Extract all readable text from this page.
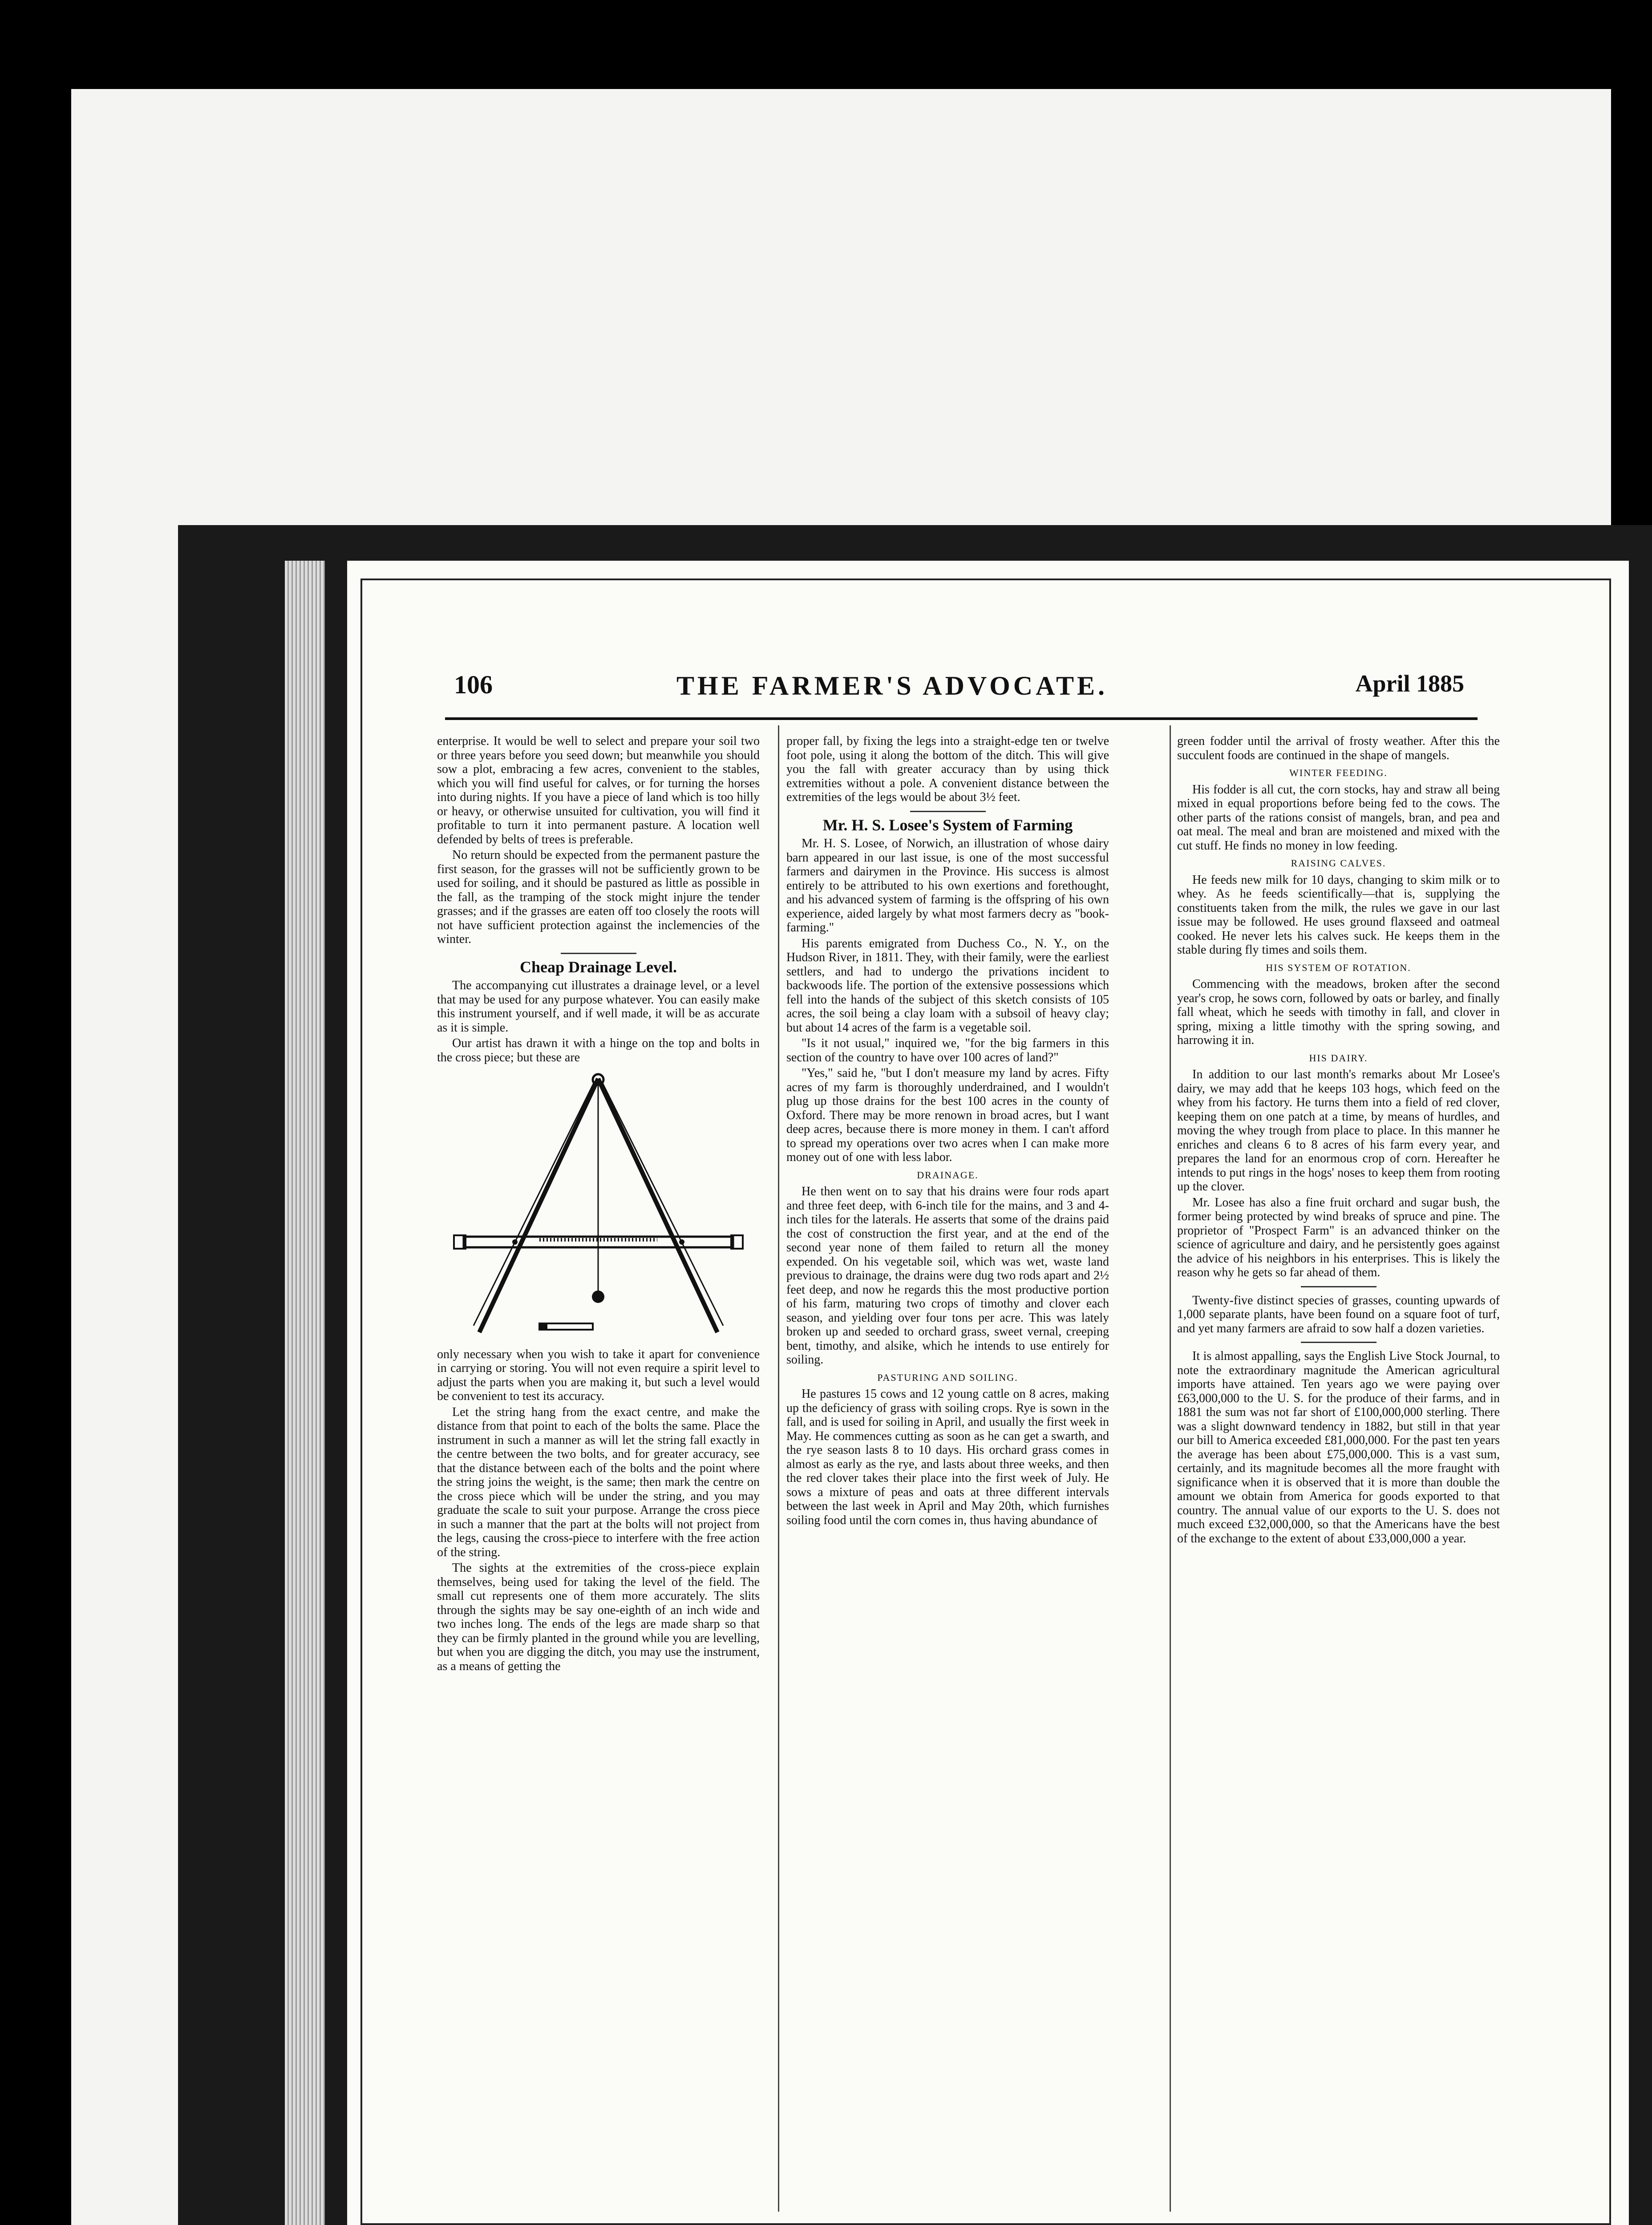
106	THE FARMER'S ADVOCATE.	April 1885

enterprise. It would be well to select and prepare your soil two or three years before you seed down; but meanwhile you should sow a plot, embracing a few acres, convenient to the stables, which you will find useful for calves, or for turning the horses into during nights. If you have a piece of land which is too hilly or heavy, or otherwise unsuited for cultivation, you will find it profitable to turn it into permanent pasture. A location well defended by belts of trees is preferable.

No return should be expected from the permanent pasture the first season, for the grasses will not be sufficiently grown to be used for soiling, and it should be pastured as little as possible in the fall, as the tramping of the stock might injure the tender grasses; and if the grasses are eaten off too closely the roots will not have sufficient protection against the inclemencies of the winter.

Cheap Drainage Level.

The accompanying cut illustrates a drainage level, or a level that may be used for any purpose whatever. You can easily make this instrument yourself, and if well made, it will be as accurate as it is simple.

Our artist has drawn it with a hinge on the top and bolts in the cross piece; but these are

only necessary when you wish to take it apart for convenience in carrying or storing. You will not even require a spirit level to adjust the parts when you are making it, but such a level would be convenient to test its accuracy.

Let the string hang from the exact centre, and make the distance from that point to each of the bolts the same. Place the instrument in such a manner as will let the string fall exactly in the centre between the two bolts, and for greater accuracy, see that the distance between each of the bolts and the point where the string joins the weight, is the same; then mark the centre on the cross piece which will be under the string, and you may graduate the scale to suit your purpose. Arrange the cross piece in such a manner that the part at the bolts will not project from the legs, causing the cross-piece to interfere with the free action of the string.

The sights at the extremities of the cross-piece explain themselves, being used for taking the level of the field. The small cut represents one of them more accurately. The slits through the sights may be say one-eighth of an inch wide and two inches long. The ends of the legs are made sharp so that they can be firmly planted in the ground while you are levelling, but when you are digging the ditch, you may use the instrument, as a means of getting the

proper fall, by fixing the legs into a straight-edge ten or twelve foot pole, using it along the bottom of the ditch. This will give you the fall with greater accuracy than by using thick extremities without a pole. A convenient distance between the extremities of the legs would be about 3½ feet.

Mr. H. S. Losee's System of Farming

Mr. H. S. Losee, of Norwich, an illustration of whose dairy barn appeared in our last issue, is one of the most successful farmers and dairymen in the Province. His success is almost entirely to be attributed to his own exertions and forethought, and his advanced system of farming is the offspring of his own experience, aided largely by what most farmers decry as "book-farming."

His parents emigrated from Duchess Co., N. Y., on the Hudson River, in 1811. They, with their family, were the earliest settlers, and had to undergo the privations incident to backwoods life. The portion of the extensive possessions which fell into the hands of the subject of this sketch consists of 105 acres, the soil being a clay loam with a subsoil of heavy clay; but about 14 acres of the farm is a vegetable soil.

"Is it not usual," inquired we, "for the big farmers in this section of the country to have over 100 acres of land?"

"Yes," said he, "but I don't measure my land by acres. Fifty acres of my farm is thoroughly underdrained, and I wouldn't plug up those drains for the best 100 acres in the county of Oxford. There may be more renown in broad acres, but I want deep acres, because there is more money in them. I can't afford to spread my operations over two acres when I can make more money out of one with less labor.

DRAINAGE.

He then went on to say that his drains were four rods apart and three feet deep, with 6-inch tile for the mains, and 3 and 4-inch tiles for the laterals. He asserts that some of the drains paid the cost of construction the first year, and at the end of the second year none of them failed to return all the money expended. On his vegetable soil, which was wet, waste land previous to drainage, the drains were dug two rods apart and 2½ feet deep, and now he regards this the most productive portion of his farm, maturing two crops of timothy and clover each season, and yielding over four tons per acre. This was lately broken up and seeded to orchard grass, sweet vernal, creeping bent, timothy, and alsike, which he intends to use entirely for soiling.

PASTURING AND SOILING.

He pastures 15 cows and 12 young cattle on 8 acres, making up the deficiency of grass with soiling crops. Rye is sown in the fall, and is used for soiling in April, and usually the first week in May. He commences cutting as soon as he can get a swarth, and the rye season lasts 8 to 10 days. His orchard grass comes in almost as early as the rye, and lasts about three weeks, and then the red clover takes their place into the first week of July. He sows a mixture of peas and oats at three different intervals between the last week in April and May 20th, which furnishes soiling food until the corn comes in, thus having abundance of

green fodder until the arrival of frosty weather. After this the succulent foods are continued in the shape of mangels.

WINTER FEEDING.

His fodder is all cut, the corn stocks, hay and straw all being mixed in equal proportions before being fed to the cows. The other parts of the rations consist of mangels, bran, and pea and oat meal. The meal and bran are moistened and mixed with the cut stuff. He finds no money in low feeding.

RAISING CALVES.

He feeds new milk for 10 days, changing to skim milk or to whey. As he feeds scientifically—that is, supplying the constituents taken from the milk, the rules we gave in our last issue may be followed. He uses ground flaxseed and oatmeal cooked. He never lets his calves suck. He keeps them in the stable during fly times and soils them.

HIS SYSTEM OF ROTATION.

Commencing with the meadows, broken after the second year's crop, he sows corn, followed by oats or barley, and finally fall wheat, which he seeds with timothy in fall, and clover in spring, mixing a little timothy with the spring sowing, and harrowing it in.

HIS DAIRY.

In addition to our last month's remarks about Mr Losee's dairy, we may add that he keeps 103 hogs, which feed on the whey from his factory. He turns them into a field of red clover, keeping them on one patch at a time, by means of hurdles, and moving the whey trough from place to place. In this manner he enriches and cleans 6 to 8 acres of his farm every year, and prepares the land for an enormous crop of corn. Hereafter he intends to put rings in the hogs' noses to keep them from rooting up the clover.

Mr. Losee has also a fine fruit orchard and sugar bush, the former being protected by wind breaks of spruce and pine. The proprietor of "Prospect Farm" is an advanced thinker on the science of agriculture and dairy, and he persistently goes against the advice of his neighbors in his enterprises. This is likely the reason why he gets so far ahead of them.

Twenty-five distinct species of grasses, counting upwards of 1,000 separate plants, have been found on a square foot of turf, and yet many farmers are afraid to sow half a dozen varieties.

It is almost appalling, says the English Live Stock Journal, to note the extraordinary magnitude the American agricultural imports have attained. Ten years ago we were paying over £63,000,000 to the U. S. for the produce of their farms, and in 1881 the sum was not far short of £100,000,000 sterling. There was a slight downward tendency in 1882, but still in that year our bill to America exceeded £81,000,000. For the past ten years the average has been about £75,000,000. This is a vast sum, certainly, and its magnitude becomes all the more fraught with significance when it is observed that it is more than double the amount we obtain from America for goods exported to that country. The annual value of our exports to the U. S. does not much exceed £32,000,000, so that the Americans have the best of the exchange to the extent of about £33,000,000 a year.
